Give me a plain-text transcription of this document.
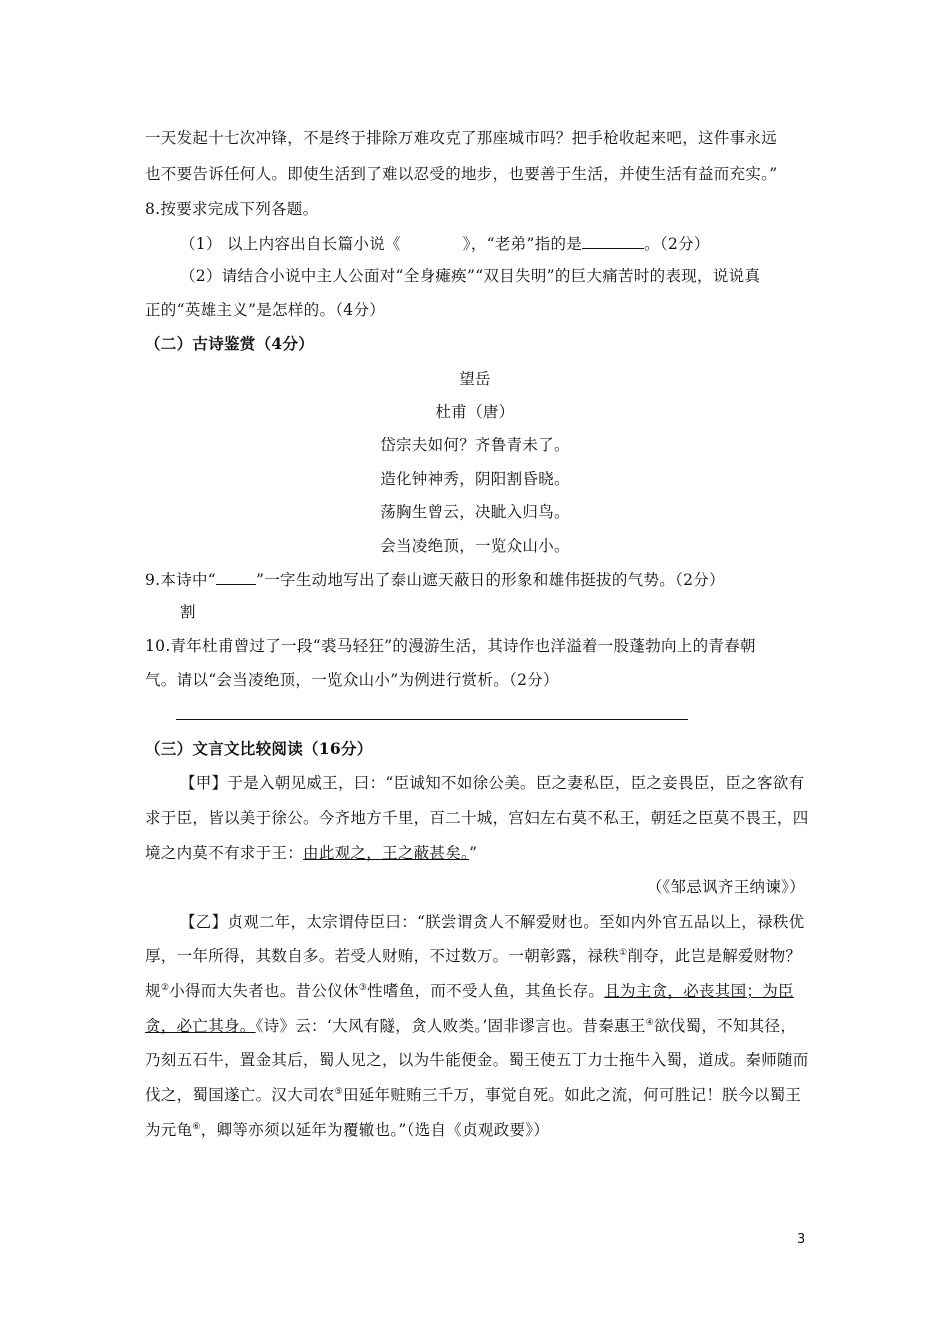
一天发起十七次冲锋，不是终于排除万难攻克了那座城市吗？把手枪收起来吧，这件事永远
也不要告诉任何人。即使生活到了难以忍受的地步，也要善于生活，并使生活有益而充实。”
8.按要求完成下列各题。
（1） 以上内容出自长篇小说《	》，“老弟”指的是	。（2分）
（2）请结合小说中主人公面对“全身瘫痪”“双目失明”的巨大痛苦时的表现，说说真
正的“英雄主义”是怎样的。（4分）
（二）古诗鉴赏（4分）
望岳
杜甫（唐）
岱宗夫如何？齐鲁青未了。
造化钟神秀，阴阳割昏晓。
荡胸生曾云，决眦入归鸟。
会当凌绝顶，一览众山小。
9.本诗中“	”一字生动地写出了泰山遮天蔽日的形象和雄伟挺拔的气势。（2分）
割
10.青年杜甫曾过了一段“裘马轻狂”的漫游生活，其诗作也洋溢着一股蓬勃向上的青春朝
气。请以“会当凌绝顶，一览众山小”为例进行赏析。（2分）
（三）文言文比较阅读（16分）
【甲】于是入朝见威王，曰：“臣诚知不如徐公美。臣之妻私臣，臣之妾畏臣，臣之客欲有
求于臣，皆以美于徐公。今齐地方千里，百二十城，宫妇左右莫不私王，朝廷之臣莫不畏王，四
境之内莫不有求于王：由此观之，王之蔽甚矣。”
（《邹忌讽齐王纳谏》）
【乙】贞观二年，太宗谓侍臣曰：“朕尝谓贪人不解爱财也。至如内外官五品以上，禄秩优
厚，一年所得，其数自多。若受人财贿，不过数万。一朝彰露，禄秩①削夺，此岂是解爱财物？
规②小得而大失者也。昔公仪休③性嗜鱼，而不受人鱼，其鱼长存。且为主贪，必丧其国；为臣
贪，必亡其身。《诗》云：‘大风有隧，贪人败类。’固非谬言也。昔秦惠王④欲伐蜀，不知其径，
乃刻五石牛，置金其后，蜀人见之，以为牛能便金。蜀王使五丁力士拖牛入蜀，道成。秦师随而
伐之，蜀国遂亡。汉大司农⑤田延年赃贿三千万，事觉自死。如此之流，何可胜记！朕今以蜀王
为元龟⑥，卿等亦须以延年为覆辙也。”（选自《贞观政要》）
3
